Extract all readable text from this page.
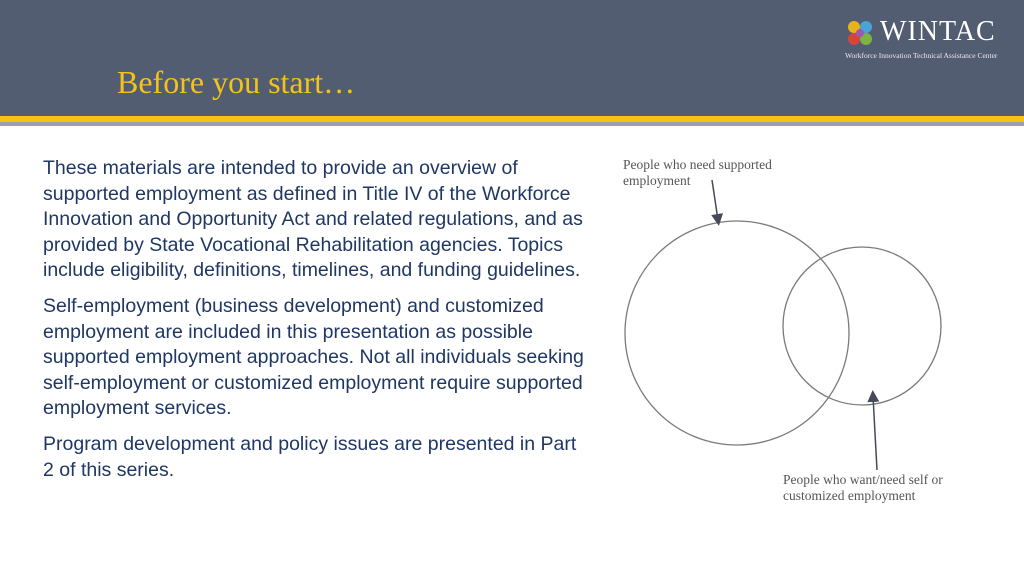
Before you start…
WINTAC
Workforce Innovation Technical Assistance Center

These materials are intended to provide an overview of supported employment as defined in Title IV of the Workforce Innovation and Opportunity Act and related regulations, and as provided by State Vocational Rehabilitation agencies. Topics include eligibility, definitions, timelines, and funding guidelines.

Self-employment (business development) and customized employment are included in this presentation as possible supported employment approaches. Not all individuals seeking self-employment or customized employment require supported employment services.

Program development and policy issues are presented in Part 2 of this series.

People who need supported employment
People who want/need self or customized employment
